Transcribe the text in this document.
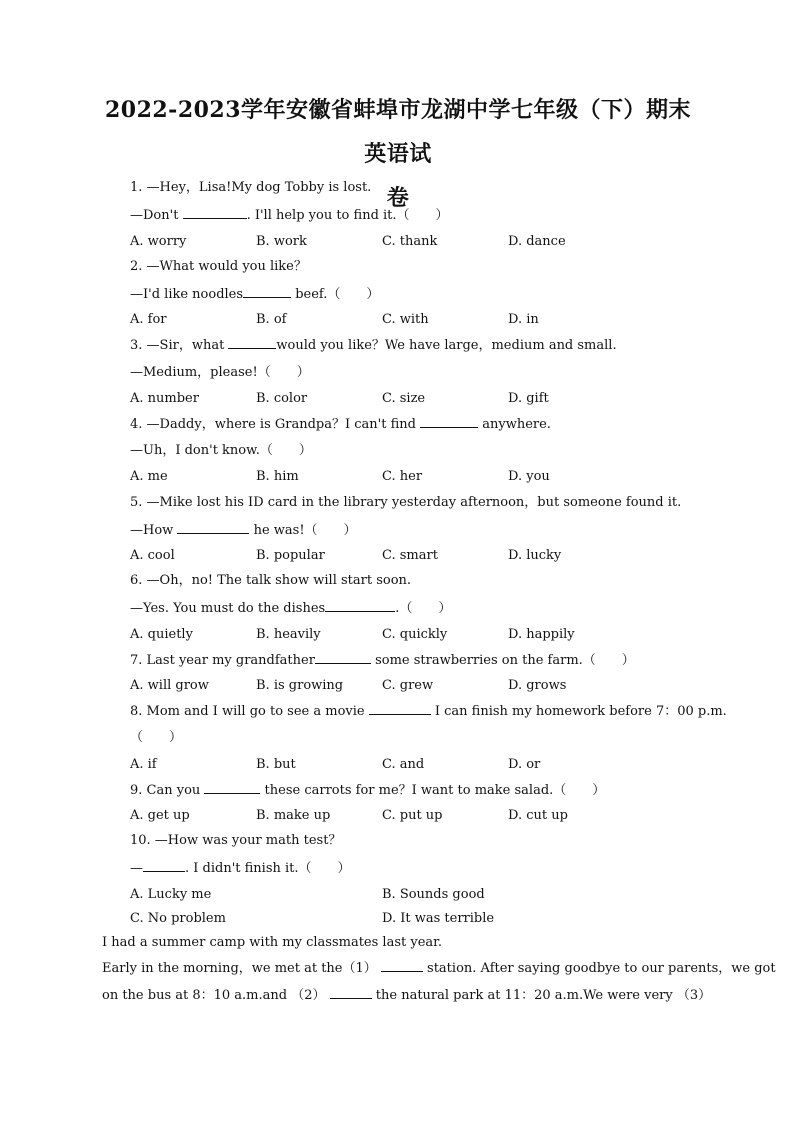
2022-2023学年安徽省蚌埠市龙湖中学七年级（下）期末英语试
卷
1. —Hey，Lisa!My dog Tobby is lost.
—Don't	. I'll help you to find it.（　　）
A. worry	B. work	C. thank	D. dance
2. —What would you like？
—I'd like noodles	beef.（　　）
A. for	B. of	C. with	D. in
3. —Sir，what	would you like？We have large，medium and small.
—Medium，please!（　　）
A. number	B. color	C. size	D. gift
4. —Daddy，where is Grandpa？I can't find	anywhere.
—Uh，I don't know.（　　）
A. me	B. him	C. her	D. you
5. —Mike lost his ID card in the library yesterday afternoon，but someone found it.
—How	he was!（　　）
A. cool	B. popular	C. smart	D. lucky
6. —Oh，no! The talk show will start soon.
—Yes. You must do the dishes	.（　　）
A. quietly	B. heavily	C. quickly	D. happily
7. Last year my grandfather	some strawberries on the farm.（　　）
A. will grow	B. is growing	C. grew	D. grows
8. Mom and I will go to see a movie	I can finish my homework before 7：00 p.m.
（　　）
A. if	B. but	C. and	D. or
9. Can you	these carrots for me？I want to make salad.（　　）
A. get up	B. make up	C. put up	D. cut up
10. —How was your math test？
—	. I didn't finish it.（　　）
A. Lucky me	B. Sounds good
C. No problem	D. It was terrible
I had a summer camp with my classmates last year.
Early in the morning，we met at the（1）	station. After saying goodbye to our parents，we got
on the bus at 8：10 a.m.and （2）	the natural park at 11：20 a.m.We were very （3）
